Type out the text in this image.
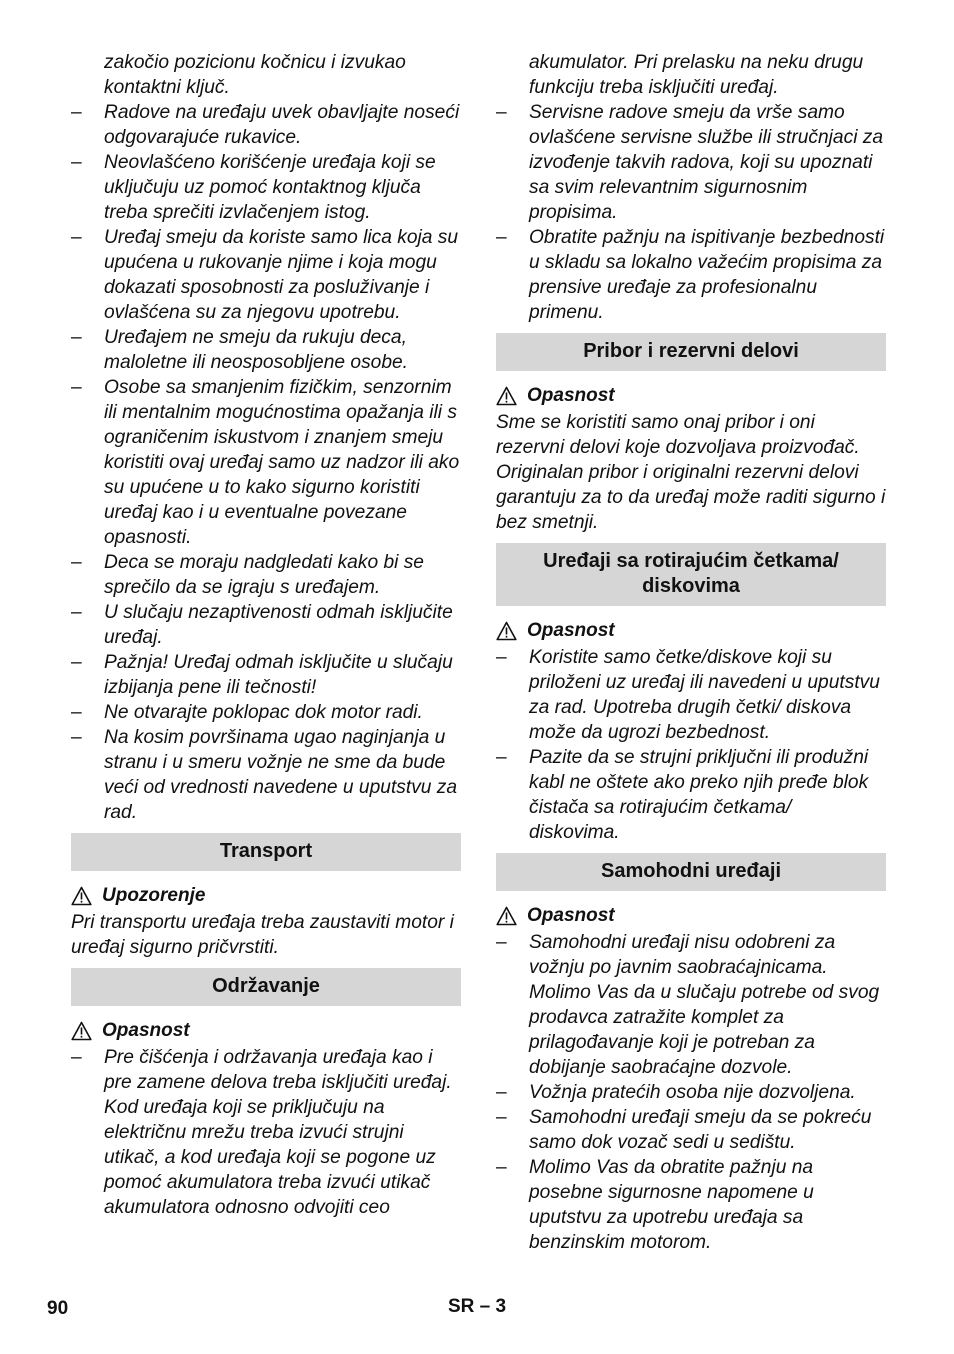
zakočio pozicionu kočnicu i izvukao kontaktni ključ.

–	Radove na uređaju uvek obavljajte noseći odgovarajuće rukavice.
–	Neovlašćeno korišćenje uređaja koji se uključuju uz pomoć kontaktnog ključa treba sprečiti izvlačenjem istog.
–	Uređaj smeju da koriste samo lica koja su upućena u rukovanje njime i koja mogu dokazati sposobnosti za posluživanje i ovlašćena su za njegovu upotrebu.
–	Uređajem ne smeju da rukuju deca, maloletne ili neosposobljene osobe.
–	Osobe sa smanjenim fizičkim, senzornim ili mentalnim mogućnostima opažanja ili s ograničenim iskustvom i znanjem smeju koristiti ovaj uređaj samo uz nadzor ili ako su upućene u to kako sigurno koristiti uređaj kao i u eventualne povezane opasnosti.
–	Deca se moraju nadgledati kako bi se sprečilo da se igraju s uređajem.
–	U slučaju nezaptivenosti odmah isključite uređaj.
–	Pažnja! Uređaj odmah isključite u slučaju izbijanja pene ili tečnosti!
–	Ne otvarajte poklopac dok motor radi.
–	Na kosim površinama ugao naginjanja u stranu i u smeru vožnje ne sme da bude veći od vrednosti navedene u uputstvu za rad.
Transport
Upozorenje

Pri transportu uređaja treba zaustaviti motor i uređaj sigurno pričvrstiti.

Održavanje
Opasnost
–	Pre čišćenja i održavanja uređaja kao i pre zamene delova treba isključiti uređaj. Kod uređaja koji se priključuju na električnu mrežu treba izvući strujni utikač, a kod uređaja koji se pogone uz pomoć akumulatora treba izvući utikač akumulatora odnosno odvojiti ceo

akumulator. Pri prelasku na neku drugu funkciju treba isključiti uređaj.

–	Servisne radove smeju da vrše samo ovlašćene servisne službe ili stručnjaci za izvođenje takvih radova, koji su upoznati sa svim relevantnim sigurnosnim propisima.
–	Obratite pažnju na ispitivanje bezbednosti u skladu sa lokalno važećim propisima za prensive uređaje za profesionalnu primenu.
Pribor i rezervni delovi
Opasnost

Sme se koristiti samo onaj pribor i oni rezervni delovi koje dozvoljava proizvođač. Originalan pribor i originalni rezervni delovi garantuju za to da uređaj može raditi sigurno i bez smetnji.

Uređaji sa rotirajućim četkama/ diskovima
Opasnost
–	Koristite samo četke/diskove koji su priloženi uz uređaj ili navedeni u uputstvu za rad. Upotreba drugih četki/ diskova može da ugrozi bezbednost.
–	Pazite da se strujni priključni ili produžni kabl ne oštete ako preko njih pređe blok čistača sa rotirajućim četkama/ diskovima.
Samohodni uređaji
Opasnost
–	Samohodni uređaji nisu odobreni za vožnju po javnim saobraćajnicama. Molimo Vas da u slučaju potrebe od svog prodavca zatražite komplet za prilagođavanje koji je potreban za dobijanje saobraćajne dozvole.
–	Vožnja pratećih osoba nije dozvoljena.
–	Samohodni uređaji smeju da se pokreću samo dok vozač sedi u sedištu.
–	Molimo Vas da obratite pažnju na posebne sigurnosne napomene u uputstvu za upotrebu uređaja sa benzinskim motorom.
90	SR – 3
